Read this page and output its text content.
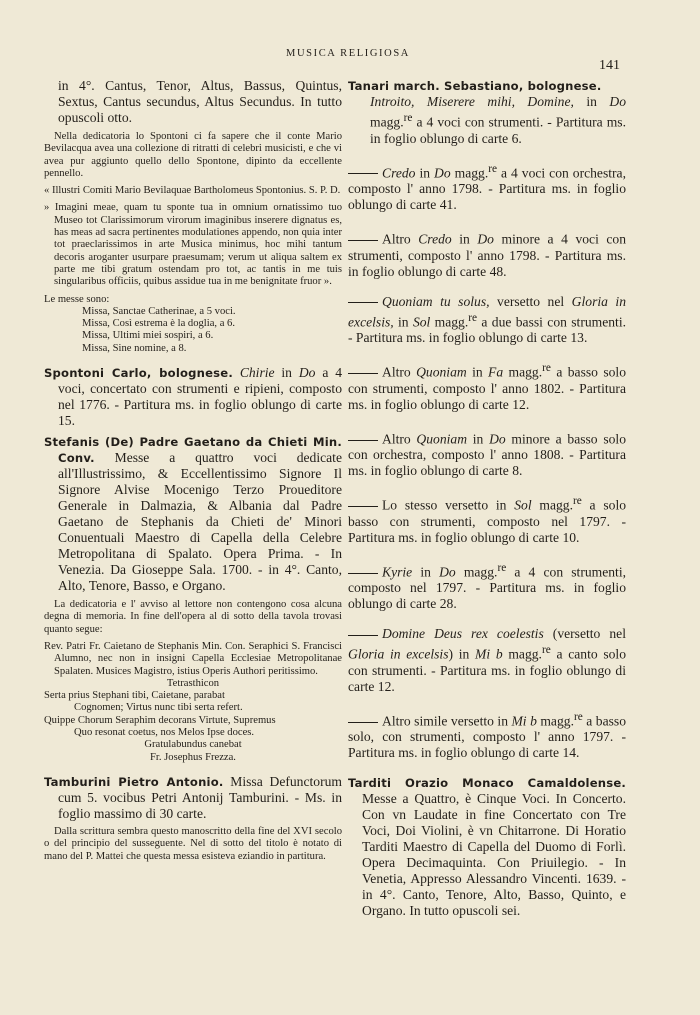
MUSICA RELIGIOSA
141

in 4°. Cantus, Tenor, Altus, Bassus, Quintus, Sextus, Cantus secundus, Altus Secundus. In tutto opuscoli otto.

Nella dedicatoria lo Spontoni ci fa sapere che il conte Mario Bevilacqua avea una collezione di ritratti di celebri musicisti, e che vi avea pur aggiunto quello dello Spontone, dipinto da eccellente pennello.

« Illustri Comiti Mario Bevilaquae Bartholomeus Spontonius. S. P. D.

» Imagini meae, quam tu sponte tua in omnium ornatissimo tuo Museo tot Clarissimorum virorum imaginibus inserere dignatus es, has meas ad sacra pertinentes modulationes appendo, non quia inter tot praeclarissimos in arte Musica minimus, hoc mihi tantum decoris aroganter usurpare praesumam; verum ut aliqua saltem ex parte me tibi gratum ostendam pro tot, ac tantis in me tuis singularibus officiis, quibus assidue tua in me benignitate fruor ».

Le messe sono:

Missa, Sanctae Catherinae, a 5 voci.
Missa, Così estrema è la doglia, a 6.
Missa, Ultimi miei sospiri, a 6.
Missa, Sine nomine, a 8.

Spontoni Carlo, bolognese. Chirie in Do a 4 voci, concertato con strumenti e ripieni, composto nel 1776. - Partitura ms. in foglio oblungo di carte 15.

Stefanis (De) Padre Gaetano da Chieti Min. Conv. Messe a quattro voci dedicate all'Illustrissimo, & Eccellentissimo Signore Il Signore Alvise Mocenigo Terzo Proueditore Generale in Dalmazia, & Albania dal Padre Gaetano de Stephanis da Chieti de' Minori Conuentuali Maestro di Capella della Celebre Metropolitana di Spalato. Opera Prima. - In Venezia. Da Gioseppe Sala. 1700. - in 4°. Canto, Alto, Tenore, Basso, e Organo.

La dedicatoria e l' avviso al lettore non contengono cosa alcuna degna di memoria. In fine dell'opera al di sotto della tavola trovasi quanto segue:

Rev. Patri Fr. Caietano de Stephanis Min. Con. Seraphici S. Francisci Alumno, nec non in insigni Capella Ecclesiae Metropolitanae Spalaten. Musices Magistro, istius Operis Authori peritissimo.

Tetrasthicon

Serta prius Stephani tibi, Caietane, parabat
Cognomen; Virtus nunc tibi serta refert.
Quippe Chorum Seraphim decorans Virtute, Supremus
Quo resonat coetus, nos Melos Ipse doces.

Gratulabundus canebat

Fr. Josephus Frezza.

Tamburini Pietro Antonio. Missa Defunctorum cum 5. vocibus Petri Antonij Tamburini. - Ms. in foglio massimo di 30 carte.

Dalla scrittura sembra questo manoscritto della fine del XVI secolo o del principio del susseguente. Nel di sotto del titolo è notato di mano del P. Mattei che questa messa esisteva eziandio in partitura.

Tanari march. Sebastiano, bolognese.

Introito, Miserere mihi, Domine, in Do magg.$^{re}$ a 4 voci con strumenti. - Partitura ms. in foglio oblungo di carte 6.

Credo in Do magg.$^{re}$ a 4 voci con orchestra, composto l' anno 1798. - Partitura ms. in foglio oblungo di carte 41.

Altro Credo in Do minore a 4 voci con strumenti, composto l' anno 1798. - Partitura ms. in foglio oblungo di carte 48.

Quoniam tu solus, versetto nel Gloria in excelsis, in Sol magg.$^{re}$ a due bassi con strumenti. - Partitura ms. in foglio oblungo di carte 13.

Altro Quoniam in Fa magg.$^{re}$ a basso solo con strumenti, composto l' anno 1802. - Partitura ms. in foglio oblungo di carte 12.

Altro Quoniam in Do minore a basso solo con orchestra, composto l' anno 1808. - Partitura ms. in foglio oblungo di carte 8.

Lo stesso versetto in Sol magg.$^{re}$ a solo basso con strumenti, composto nel 1797. - Partitura ms. in foglio oblungo di carte 10.

Kyrie in Do magg.$^{re}$ a 4 con strumenti, composto nel 1797. - Partitura ms. in foglio oblungo di carte 28.

Domine Deus rex coelestis (versetto nel Gloria in excelsis) in Mi b magg.$^{re}$ a canto solo con strumenti. - Partitura ms. in foglio oblungo di carte 12.

Altro simile versetto in Mi b magg.$^{re}$ a basso solo, con strumenti, composto l' anno 1797. - Partitura ms. in foglio oblungo di carte 14.

Tarditi Orazio Monaco Camaldolense. Messe a Quattro, è Cinque Voci. In Concerto. Con vn Laudate in fine Concertato con Tre Voci, Doi Violini, è vn Chitarrone. Di Horatio Tarditi Maestro di Capella del Duomo di Forlì. Opera Decimaquinta. Con Priuilegio. - In Venetia, Appresso Alessandro Vincenti. 1639. - in 4°. Canto, Tenore, Alto, Basso, Quinto, e Organo. In tutto opuscoli sei.
